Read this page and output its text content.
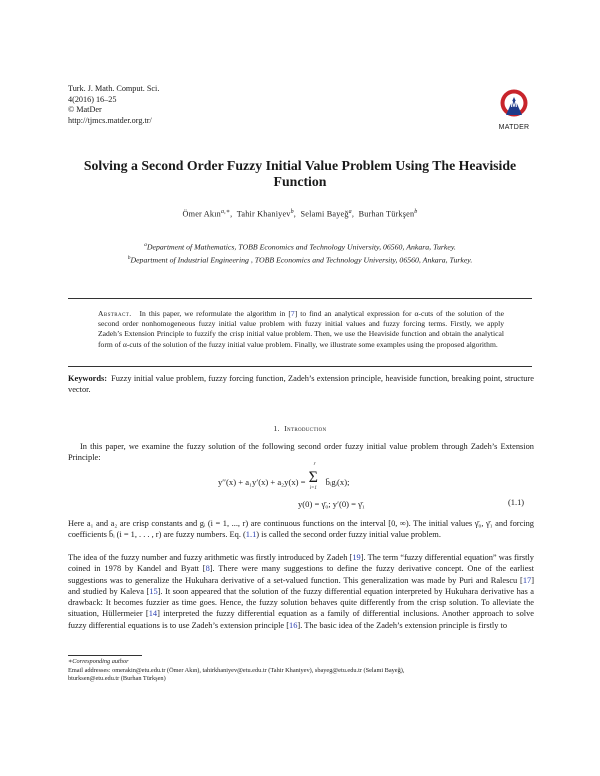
Turk. J. Math. Comput. Sci.
4(2016) 16–25
© MatDer
http://tjmcs.matder.org.tr/
M
MATDER
Solving a Second Order Fuzzy Initial Value Problem Using The Heaviside
Function
Ömer Akın$^{a,∗}$,  Tahir Khaniyev$^b$,  Selami Bayeğ$^a$,  Burhan Türkşen$^b$
$^a$Department of Mathematics, TOBB Economics and Technology University, 06560, Ankara, Turkey.
$^b$Department of Industrial Engineering , TOBB Economics and Technology University, 06560, Ankara, Turkey.
Abstract. In this paper, we reformulate the algorithm in [7] to find an analytical expression for α-cuts of the solution of the second order nonhomogeneous fuzzy initial value problem with fuzzy initial values and fuzzy forcing terms. Firstly, we apply Zadeh’s Extension Principle to fuzzify the crisp initial value problem. Then, we use the Heaviside function and obtain the analytical form of α-cuts of the solution of the fuzzy initial value problem. Finally, we illustrate some examples using the proposed algorithm.
Keywords: Fuzzy initial value problem, fuzzy forcing function, Zadeh’s extension principle, heaviside function, breaking point, structure vector.
1. Introduction
In this paper, we examine the fuzzy solution of the following second order fuzzy initial value problem through Zadeh’s Extension Principle:
y′′(x) + a₁y′(x) + a₂y(x) = Σ
r
i=1
b̄ᵢgᵢ(x);
y(0) = γ̄₀; y′(0) = γ̄₁	(1.1)
Here a₁ and a₂ are crisp constants and gᵢ (i = 1, ..., r) are continuous functions on the interval [0, ∞). The initial values γ̄₀, γ̄₁ and forcing coefficients b̄ᵢ (i = 1, . . . , r) are fuzzy numbers. Eq. (1.1) is called the second order fuzzy initial value problem.
The idea of the fuzzy number and fuzzy arithmetic was firstly introduced by Zadeh [19]. The term “fuzzy differential equation” was firstly coined in 1978 by Kandel and Byatt [8]. There were many suggestions to define the fuzzy derivative concept. One of the earliest suggestions was to generalize the Hukuhara derivative of a set-valued function. This generalization was made by Puri and Ralescu [17] and studied by Kaleva [15]. It soon appeared that the solution of the fuzzy differential equation interpreted by Hukuhara derivative has a drawback: It becomes fuzzier as time goes. Hence, the fuzzy solution behaves quite differently from the crisp solution. To alleviate the situation, Hüllermeier [14] interpreted the fuzzy differential equation as a family of differential inclusions. Another approach to solve fuzzy differential equations is to use Zadeh’s extension principle [16]. The basic idea of the Zadeh’s extension principle is firstly to
∗Corresponding author
Email addresses: omerakin@etu.edu.tr (Ömer Akın), tahirkhaniyev@etu.edu.tr (Tahir Khaniyev), sbayeg@etu.edu.tr (Selami Bayeğ),
bturksen@etu.edu.tr (Burhan Türkşen)
